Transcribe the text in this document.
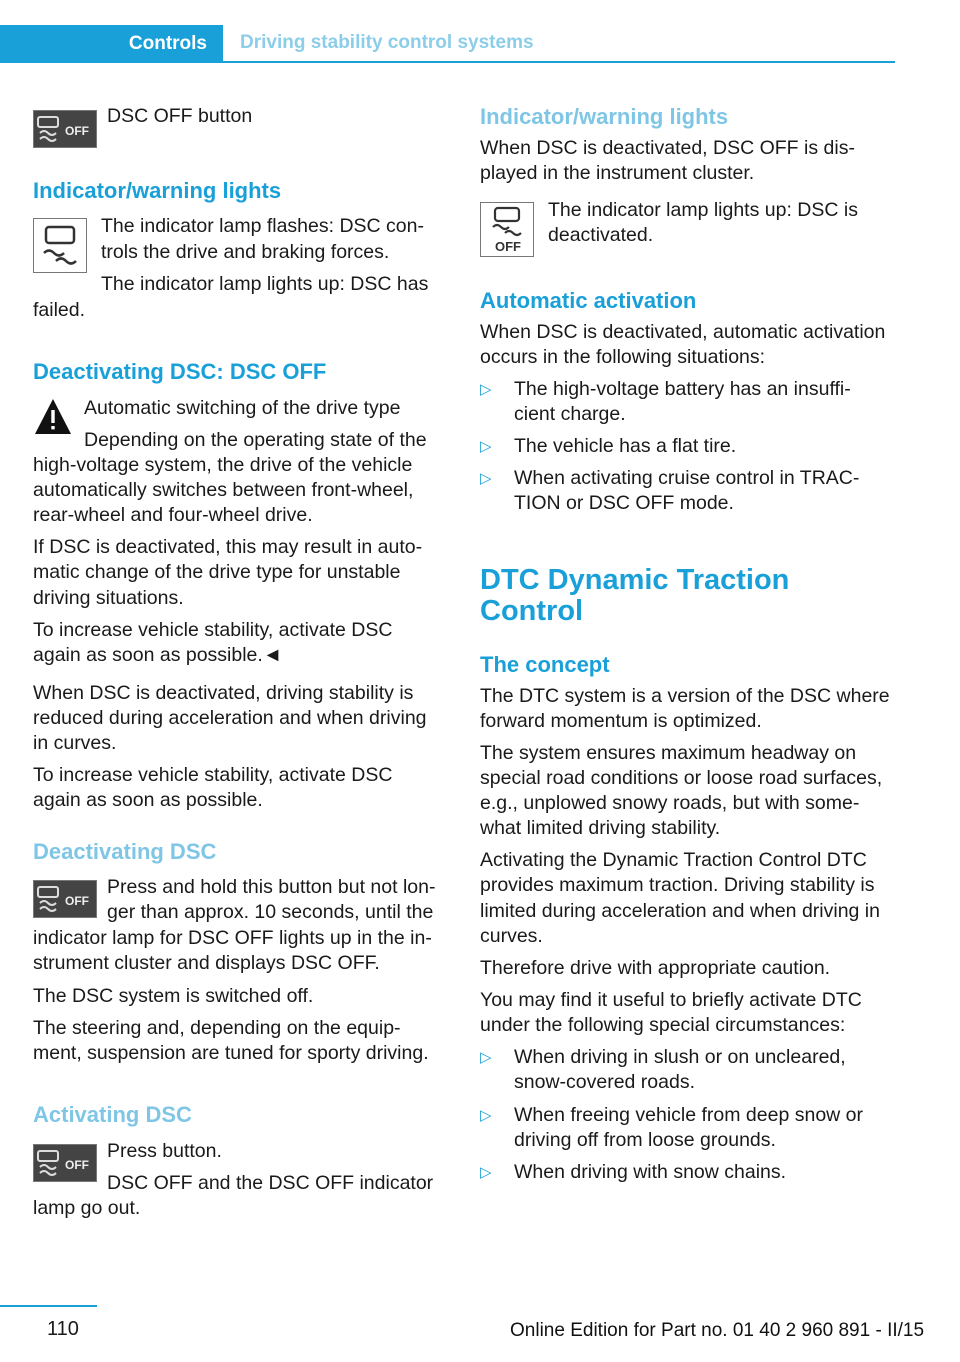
Controls Driving stability control systems
OFF

DSC OFF button

Indicator/warning lights

The indicator lamp flashes: DSC con-

trols the drive and braking forces.

The indicator lamp lights up: DSC has

failed.

Deactivating DSC: DSC OFF

Automatic switching of the drive type

Depending on the operating state of the

high-voltage system, the drive of the vehicle

automatically switches between front-wheel,

rear-wheel and four-wheel drive.

If DSC is deactivated, this may result in auto-

matic change of the drive type for unstable

driving situations.

To increase vehicle stability, activate DSC

again as soon as possible.◄

When DSC is deactivated, driving stability is

reduced during acceleration and when driving

in curves.

To increase vehicle stability, activate DSC

again as soon as possible.

Deactivating DSC

OFF

Press and hold this button but not lon-

ger than approx. 10 seconds, until the

indicator lamp for DSC OFF lights up in the in-

strument cluster and displays DSC OFF.

The DSC system is switched off.

The steering and, depending on the equip-

ment, suspension are tuned for sporty driving.

Activating DSC

OFF

Press button.

DSC OFF and the DSC OFF indicator

lamp go out.

Indicator/warning lights

When DSC is deactivated, DSC OFF is dis-

played in the instrument cluster.

OFF

The indicator lamp lights up: DSC is

deactivated.

Automatic activation

When DSC is deactivated, automatic activation

occurs in the following situations:

▷ The high-voltage battery has an insuffi-

cient charge.

▷ The vehicle has a flat tire.

▷ When activating cruise control in TRAC-

TION or DSC OFF mode.

DTC Dynamic Traction

Control

The concept

The DTC system is a version of the DSC where

forward momentum is optimized.

The system ensures maximum headway on

special road conditions or loose road surfaces,

e.g., unplowed snowy roads, but with some-

what limited driving stability.

Activating the Dynamic Traction Control DTC

provides maximum traction. Driving stability is

limited during acceleration and when driving in

curves.

Therefore drive with appropriate caution.

You may find it useful to briefly activate DTC

under the following special circumstances:

▷ When driving in slush or on uncleared,

snow-covered roads.

▷ When freeing vehicle from deep snow or

driving off from loose grounds.

▷ When driving with snow chains.

110	Online Edition for Part no. 01 40 2 960 891 - II/15
